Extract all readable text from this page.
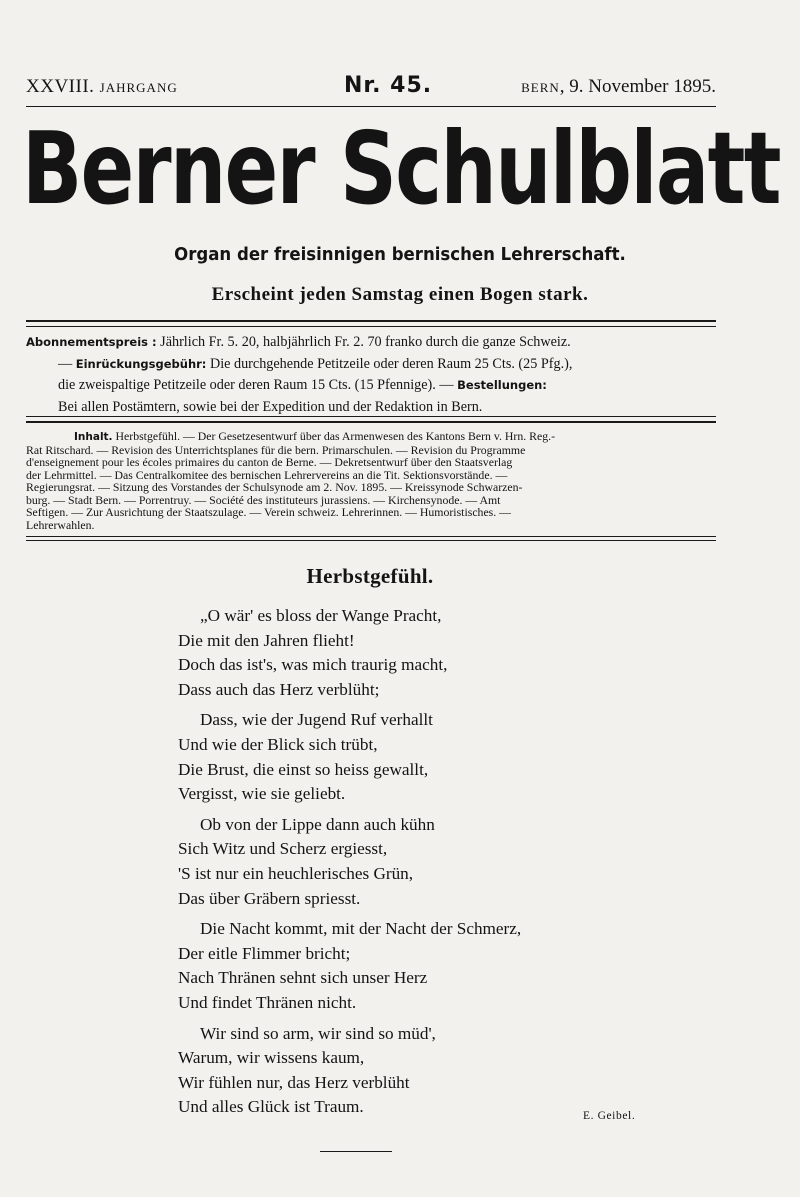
XXVIII. JAHRGANG	Nr. 45.	BERN, 9. November 1895.
Berner Schulblatt
Organ der freisinnigen bernischen Lehrerschaft.
Erscheint jeden Samstag einen Bogen stark.
Abonnementspreis : Jährlich Fr. 5. 20, halbjährlich Fr. 2. 70 franko durch die ganze Schweiz.
— Einrückungsgebühr: Die durchgehende Petitzeile oder deren Raum 25 Cts. (25 Pfg.),
die zweispaltige Petitzeile oder deren Raum 15 Cts. (15 Pfennige). — Bestellungen:
Bei allen Postämtern, sowie bei der Expedition und der Redaktion in Bern.
Inhalt. Herbstgefühl. — Der Gesetzesentwurf über das Armenwesen des Kantons Bern v. Hrn. Reg.-
Rat Ritschard. — Revision des Unterrichtsplanes für die bern. Primarschulen. — Revision du Programme
d'enseignement pour les écoles primaires du canton de Berne. — Dekretsentwurf über den Staatsverlag
der Lehrmittel. — Das Centralkomitee des bernischen Lehrervereins an die Tit. Sektionsvorstände. —
Regierungsrat. — Sitzung des Vorstandes der Schulsynode am 2. Nov. 1895. — Kreissynode Schwarzen-
burg. — Stadt Bern. — Porrentruy. — Société des instituteurs jurassiens. — Kirchensynode. — Amt
Seftigen. — Zur Ausrichtung der Staatszulage. — Verein schweiz. Lehrerinnen. — Humoristisches. —
Lehrerwahlen.
Herbstgefühl.
„O wär' es bloss der Wange Pracht,
Die mit den Jahren flieht!
Doch das ist's, was mich traurig macht,
Dass auch das Herz verblüht;
Dass, wie der Jugend Ruf verhallt
Und wie der Blick sich trübt,
Die Brust, die einst so heiss gewallt,
Vergisst, wie sie geliebt.
Ob von der Lippe dann auch kühn
Sich Witz und Scherz ergiesst,
'S ist nur ein heuchlerisches Grün,
Das über Gräbern spriesst.
Die Nacht kommt, mit der Nacht der Schmerz,
Der eitle Flimmer bricht;
Nach Thränen sehnt sich unser Herz
Und findet Thränen nicht.
Wir sind so arm, wir sind so müd',
Warum, wir wissens kaum,
Wir fühlen nur, das Herz verblüht
Und alles Glück ist Traum.	E. Geibel.
